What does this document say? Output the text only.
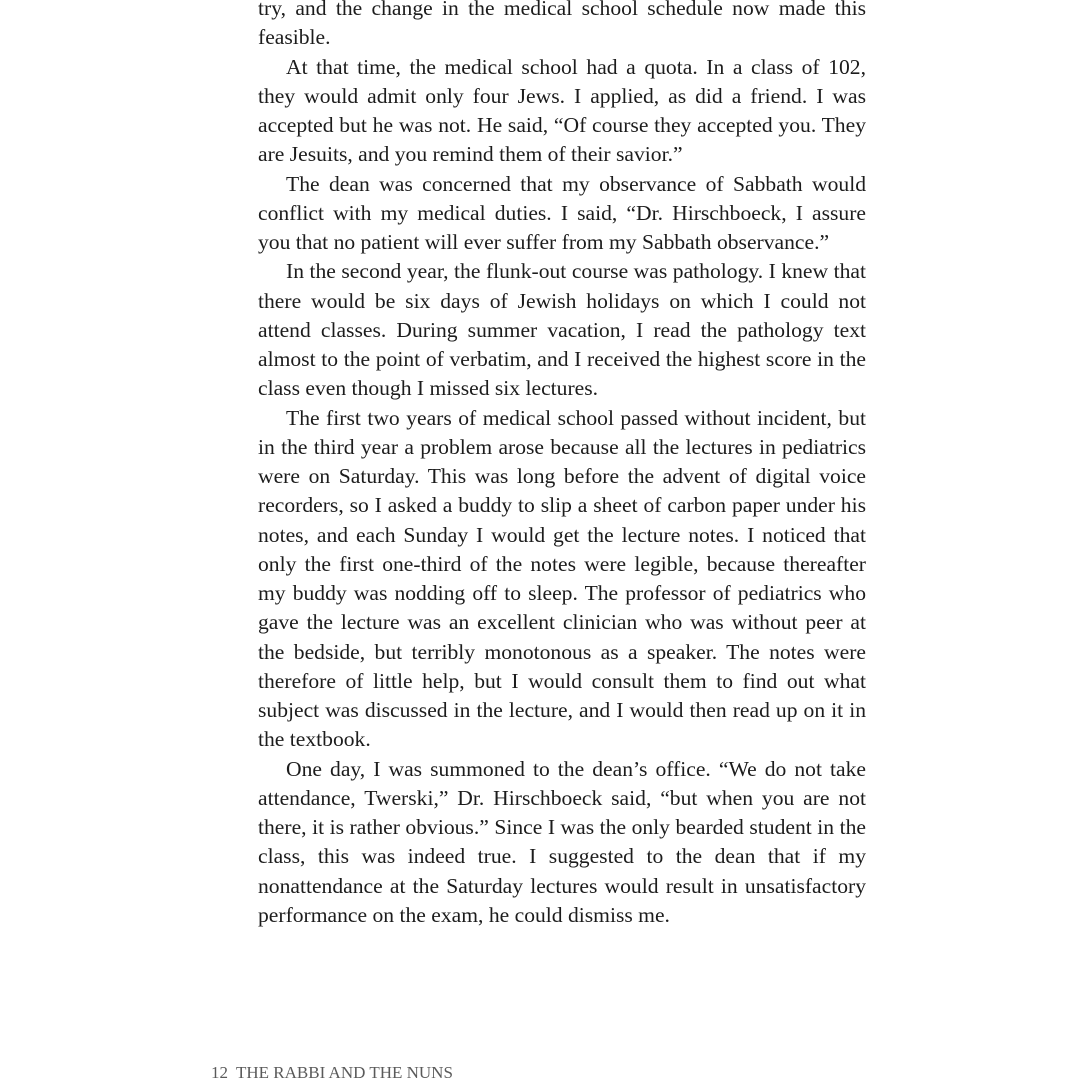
try, and the change in the medical school schedule now made this feasible.

At that time, the medical school had a quota. In a class of 102, they would admit only four Jews. I applied, as did a friend. I was accepted but he was not. He said, “Of course they accepted you. They are Jesuits, and you remind them of their savior.”

The dean was concerned that my observance of Sabbath would conflict with my medical duties. I said, “Dr. Hirschboeck, I assure you that no patient will ever suffer from my Sabbath observance.”

In the second year, the flunk-out course was pathology. I knew that there would be six days of Jewish holidays on which I could not attend classes. During summer vacation, I read the pathology text almost to the point of verbatim, and I received the highest score in the class even though I missed six lectures.

The first two years of medical school passed without incident, but in the third year a problem arose because all the lectures in pediatrics were on Saturday. This was long before the advent of digital voice recorders, so I asked a buddy to slip a sheet of carbon paper under his notes, and each Sunday I would get the lecture notes. I noticed that only the first one-third of the notes were legible, because thereafter my buddy was nodding off to sleep. The professor of pediatrics who gave the lecture was an excellent clinician who was without peer at the bedside, but terribly monotonous as a speaker. The notes were therefore of little help, but I would consult them to find out what subject was discussed in the lecture, and I would then read up on it in the textbook.

One day, I was summoned to the dean’s office. “We do not take attendance, Twerski,” Dr. Hirschboeck said, “but when you are not there, it is rather obvious.” Since I was the only bearded student in the class, this was indeed true. I suggested to the dean that if my nonattendance at the Saturday lectures would result in unsatisfactory performance on the exam, he could dismiss me.

12 THE RABBI AND THE NUNS
